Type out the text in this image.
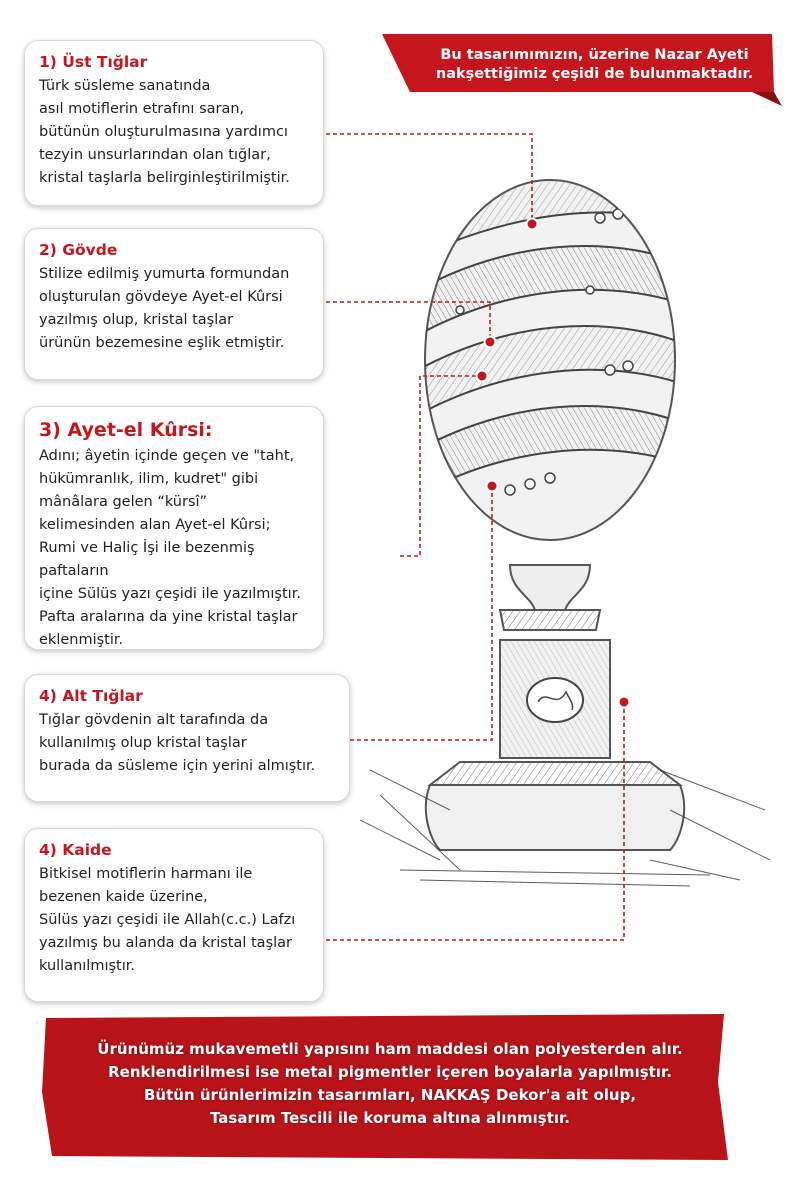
Bu tasarımımızın, üzerine Nazar Ayeti nakşettiğimiz çeşidi de bulunmaktadır.
1) Üst Tığlar

Türk süsleme sanatında
asıl motiflerin etrafını saran,
bütünün oluşturulmasına yardımcı
tezyin unsurlarından olan tığlar,
kristal taşlarla belirginleştirilmiştir.

2) Gövde

Stilize edilmiş yumurta formundan
oluşturulan gövdeye Ayet-el Kûrsi
yazılmış olup, kristal taşlar
ürünün bezemesine eşlik etmiştir.

3) Ayet-el Kûrsi:

Adını; âyetin içinde geçen ve "taht,
hükümranlık, ilim, kudret" gibi
mânâlara gelen “kürsî”
kelimesinden alan Ayet-el Kûrsi;
Rumi ve Haliç İşi ile bezenmiş paftaların
içine Sülüs yazı çeşidi ile yazılmıştır.
Pafta aralarına da yine kristal taşlar
eklenmiştir.

4) Alt Tığlar

Tığlar gövdenin alt tarafında da
kullanılmış olup kristal taşlar
burada da süsleme için yerini almıştır.

4) Kaide

Bitkisel motiflerin harmanı ile
bezenen kaide üzerine,
Sülüs yazı çeşidi ile Allah(c.c.) Lafzı
yazılmış bu alanda da kristal taşlar
kullanılmıştır.

Ürünümüz mukavemetli yapısını ham maddesi olan polyesterden alır.
Renklendirilmesi ise metal pigmentler içeren boyalarla yapılmıştır.
Bütün ürünlerimizin tasarımları, NAKKAŞ Dekor'a ait olup,
Tasarım Tescili ile koruma altına alınmıştır.
